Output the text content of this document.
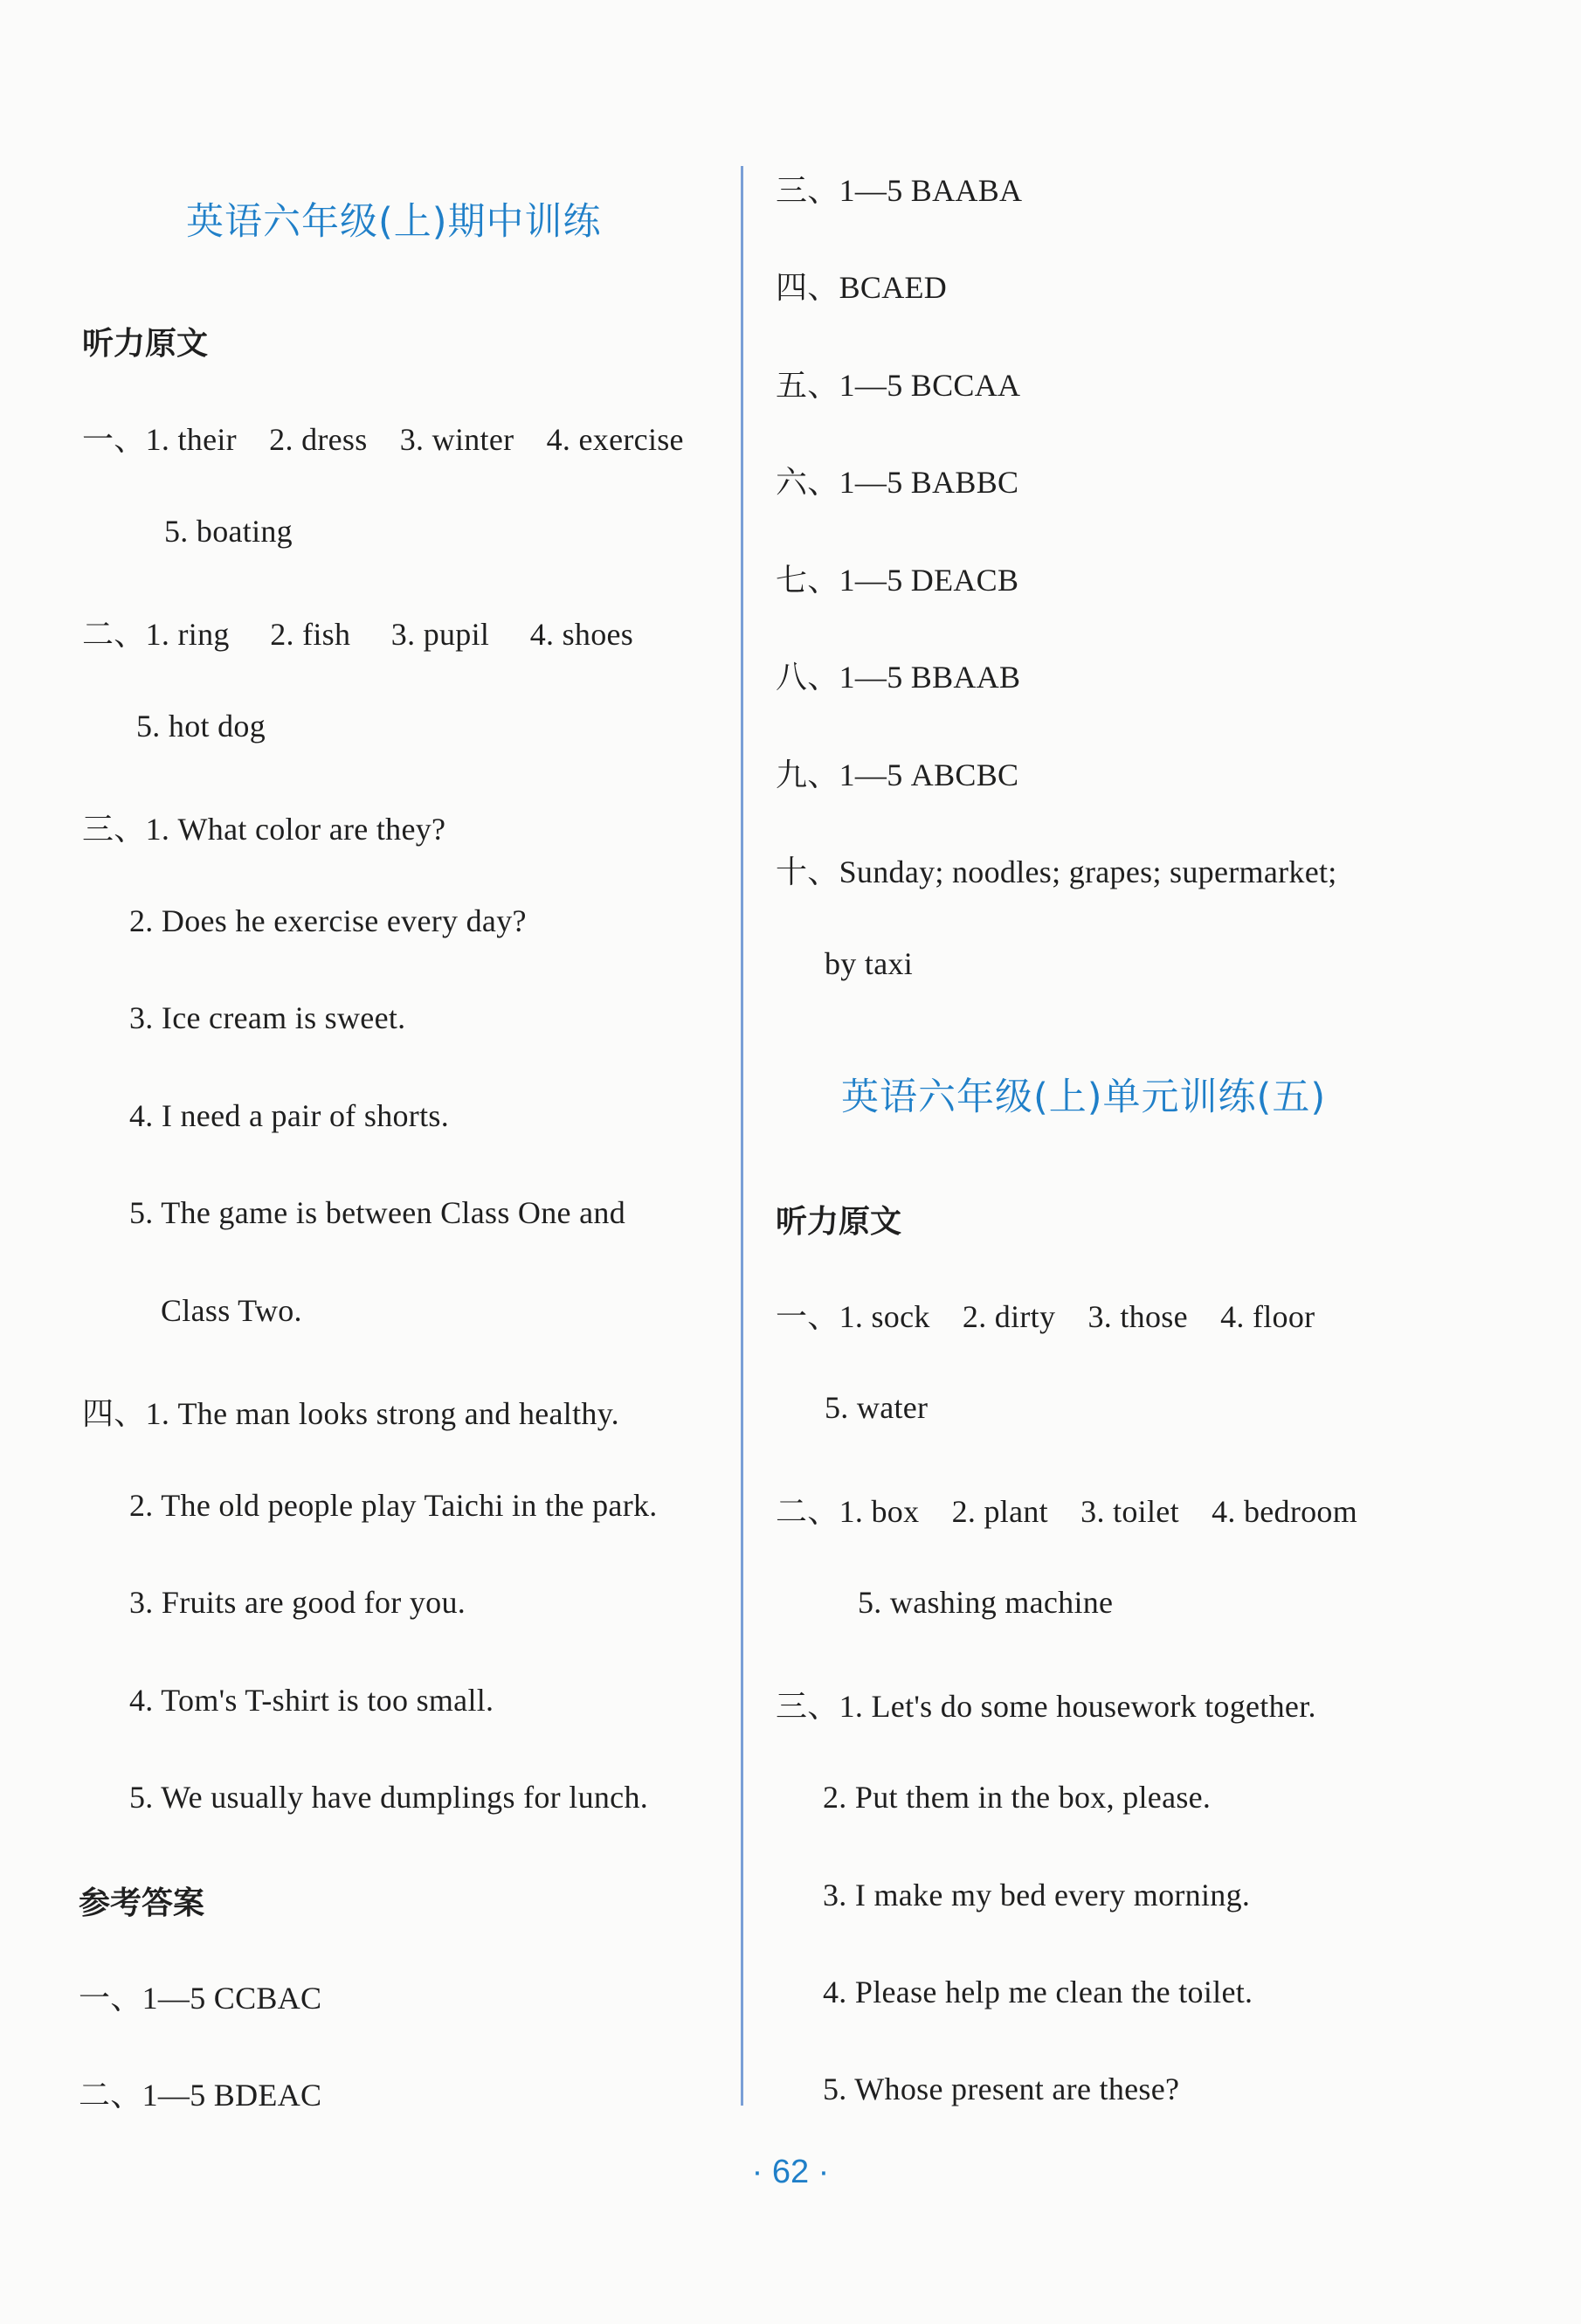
英语六年级(上)期中训练
听力原文
一、1. their    2. dress    3. winter    4. exercise
5. boating
二、1. ring     2. fish     3. pupil     4. shoes
5. hot dog
三、1. What color are they?
2. Does he exercise every day?
3. Ice cream is sweet.
4. I need a pair of shorts.
5. The game is between Class One and
Class Two.
四、1. The man looks strong and healthy.
2. The old people play Taichi in the park.
3. Fruits are good for you.
4. Tom's T-shirt is too small.
5. We usually have dumplings for lunch.
参考答案
一、1—5 CCBAC
二、1—5 BDEAC
三、1—5 BAABA
四、BCAED
五、1—5 BCCAA
六、1—5 BABBC
七、1—5 DEACB
八、1—5 BBAAB
九、1—5 ABCBC
十、Sunday; noodles; grapes; supermarket;
by taxi
英语六年级(上)单元训练(五)
听力原文
一、1. sock    2. dirty    3. those    4. floor
5. water
二、1. box    2. plant    3. toilet    4. bedroom
5. washing machine
三、1. Let's do some housework together.
2. Put them in the box, please.
3. I make my bed every morning.
4. Please help me clean the toilet.
5. Whose present are these?
· 62 ·
